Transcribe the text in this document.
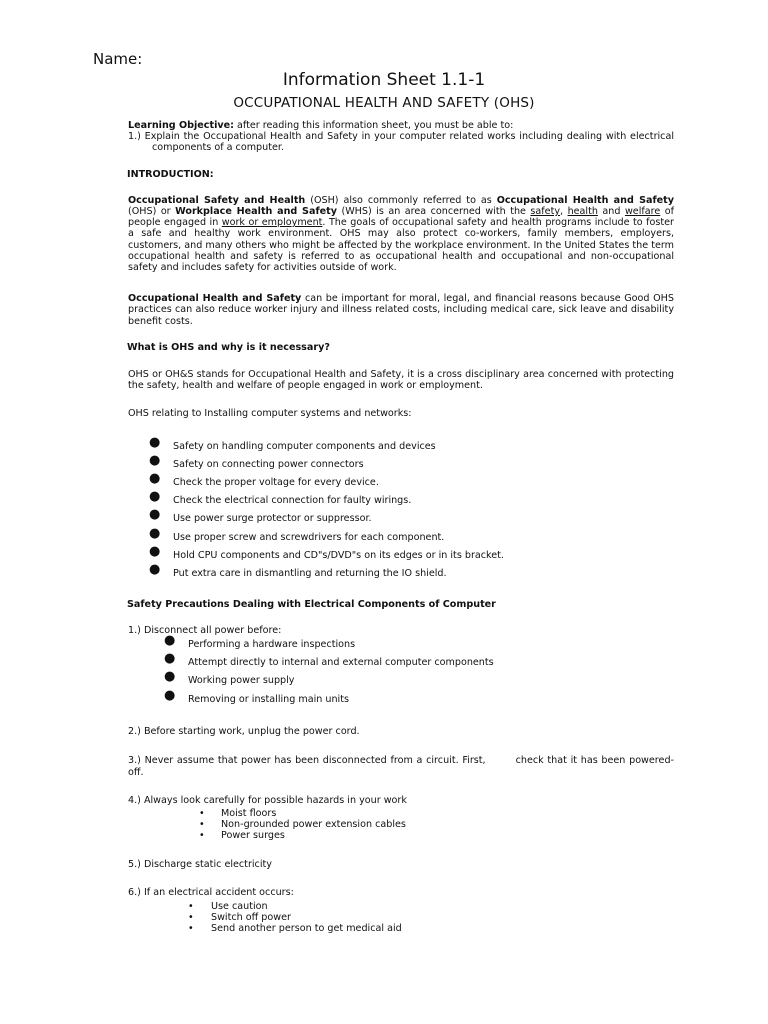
Name:
Information Sheet 1.1-1
OCCUPATIONAL HEALTH AND SAFETY (OHS)

Learning Objective: after reading this information sheet, you must be able to:

1.) Explain the Occupational Health and Safety in your computer related works including dealing with electrical components of a computer.

INTRODUCTION:

Occupational Safety and Health (OSH) also commonly referred to as Occupational Health and Safety (OHS) or Workplace Health and Safety (WHS) is an area concerned with the safety, health and welfare of people engaged in work or employment. The goals of occupational safety and health programs include to foster a safe and healthy work environment. OHS may also protect co-workers, family members, employers, customers, and many others who might be affected by the workplace environment. In the United States the term occupational health and safety is referred to as occupational health and occupational and non-occupational safety and includes safety for activities outside of work.

Occupational Health and Safety can be important for moral, legal, and financial reasons because Good OHS practices can also reduce worker injury and illness related costs, including medical care, sick leave and disability benefit costs.

What is OHS and why is it necessary?

OHS or OH&S stands for Occupational Health and Safety, it is a cross disciplinary area concerned with protecting the safety, health and welfare of people engaged in work or employment.

OHS relating to Installing computer systems and networks:

● Safety on handling computer components and devices
● Safety on connecting power connectors
● Check the proper voltage for every device.
● Check the electrical connection for faulty wirings.
● Use power surge protector or suppressor.
● Use proper screw and screwdrivers for each component.
● Hold CPU components and CD"s/DVD"s on its edges or in its bracket.
● Put extra care in dismantling and returning the IO shield.

Safety Precautions Dealing with Electrical Components of Computer

1.) Disconnect all power before:

● Performing a hardware inspections
● Attempt directly to internal and external computer components
● Working power supply
● Removing or installing main units

2.) Before starting work, unplug the power cord.

3.) Never assume that power has been disconnected from a circuit. First,	check that it has been powered-off.

4.) Always look carefully for possible hazards in your work

• Moist floors
• Non-grounded power extension cables
• Power surges

5.) Discharge static electricity

6.) If an electrical accident occurs:

• Use caution
• Switch off power
• Send another person to get medical aid
